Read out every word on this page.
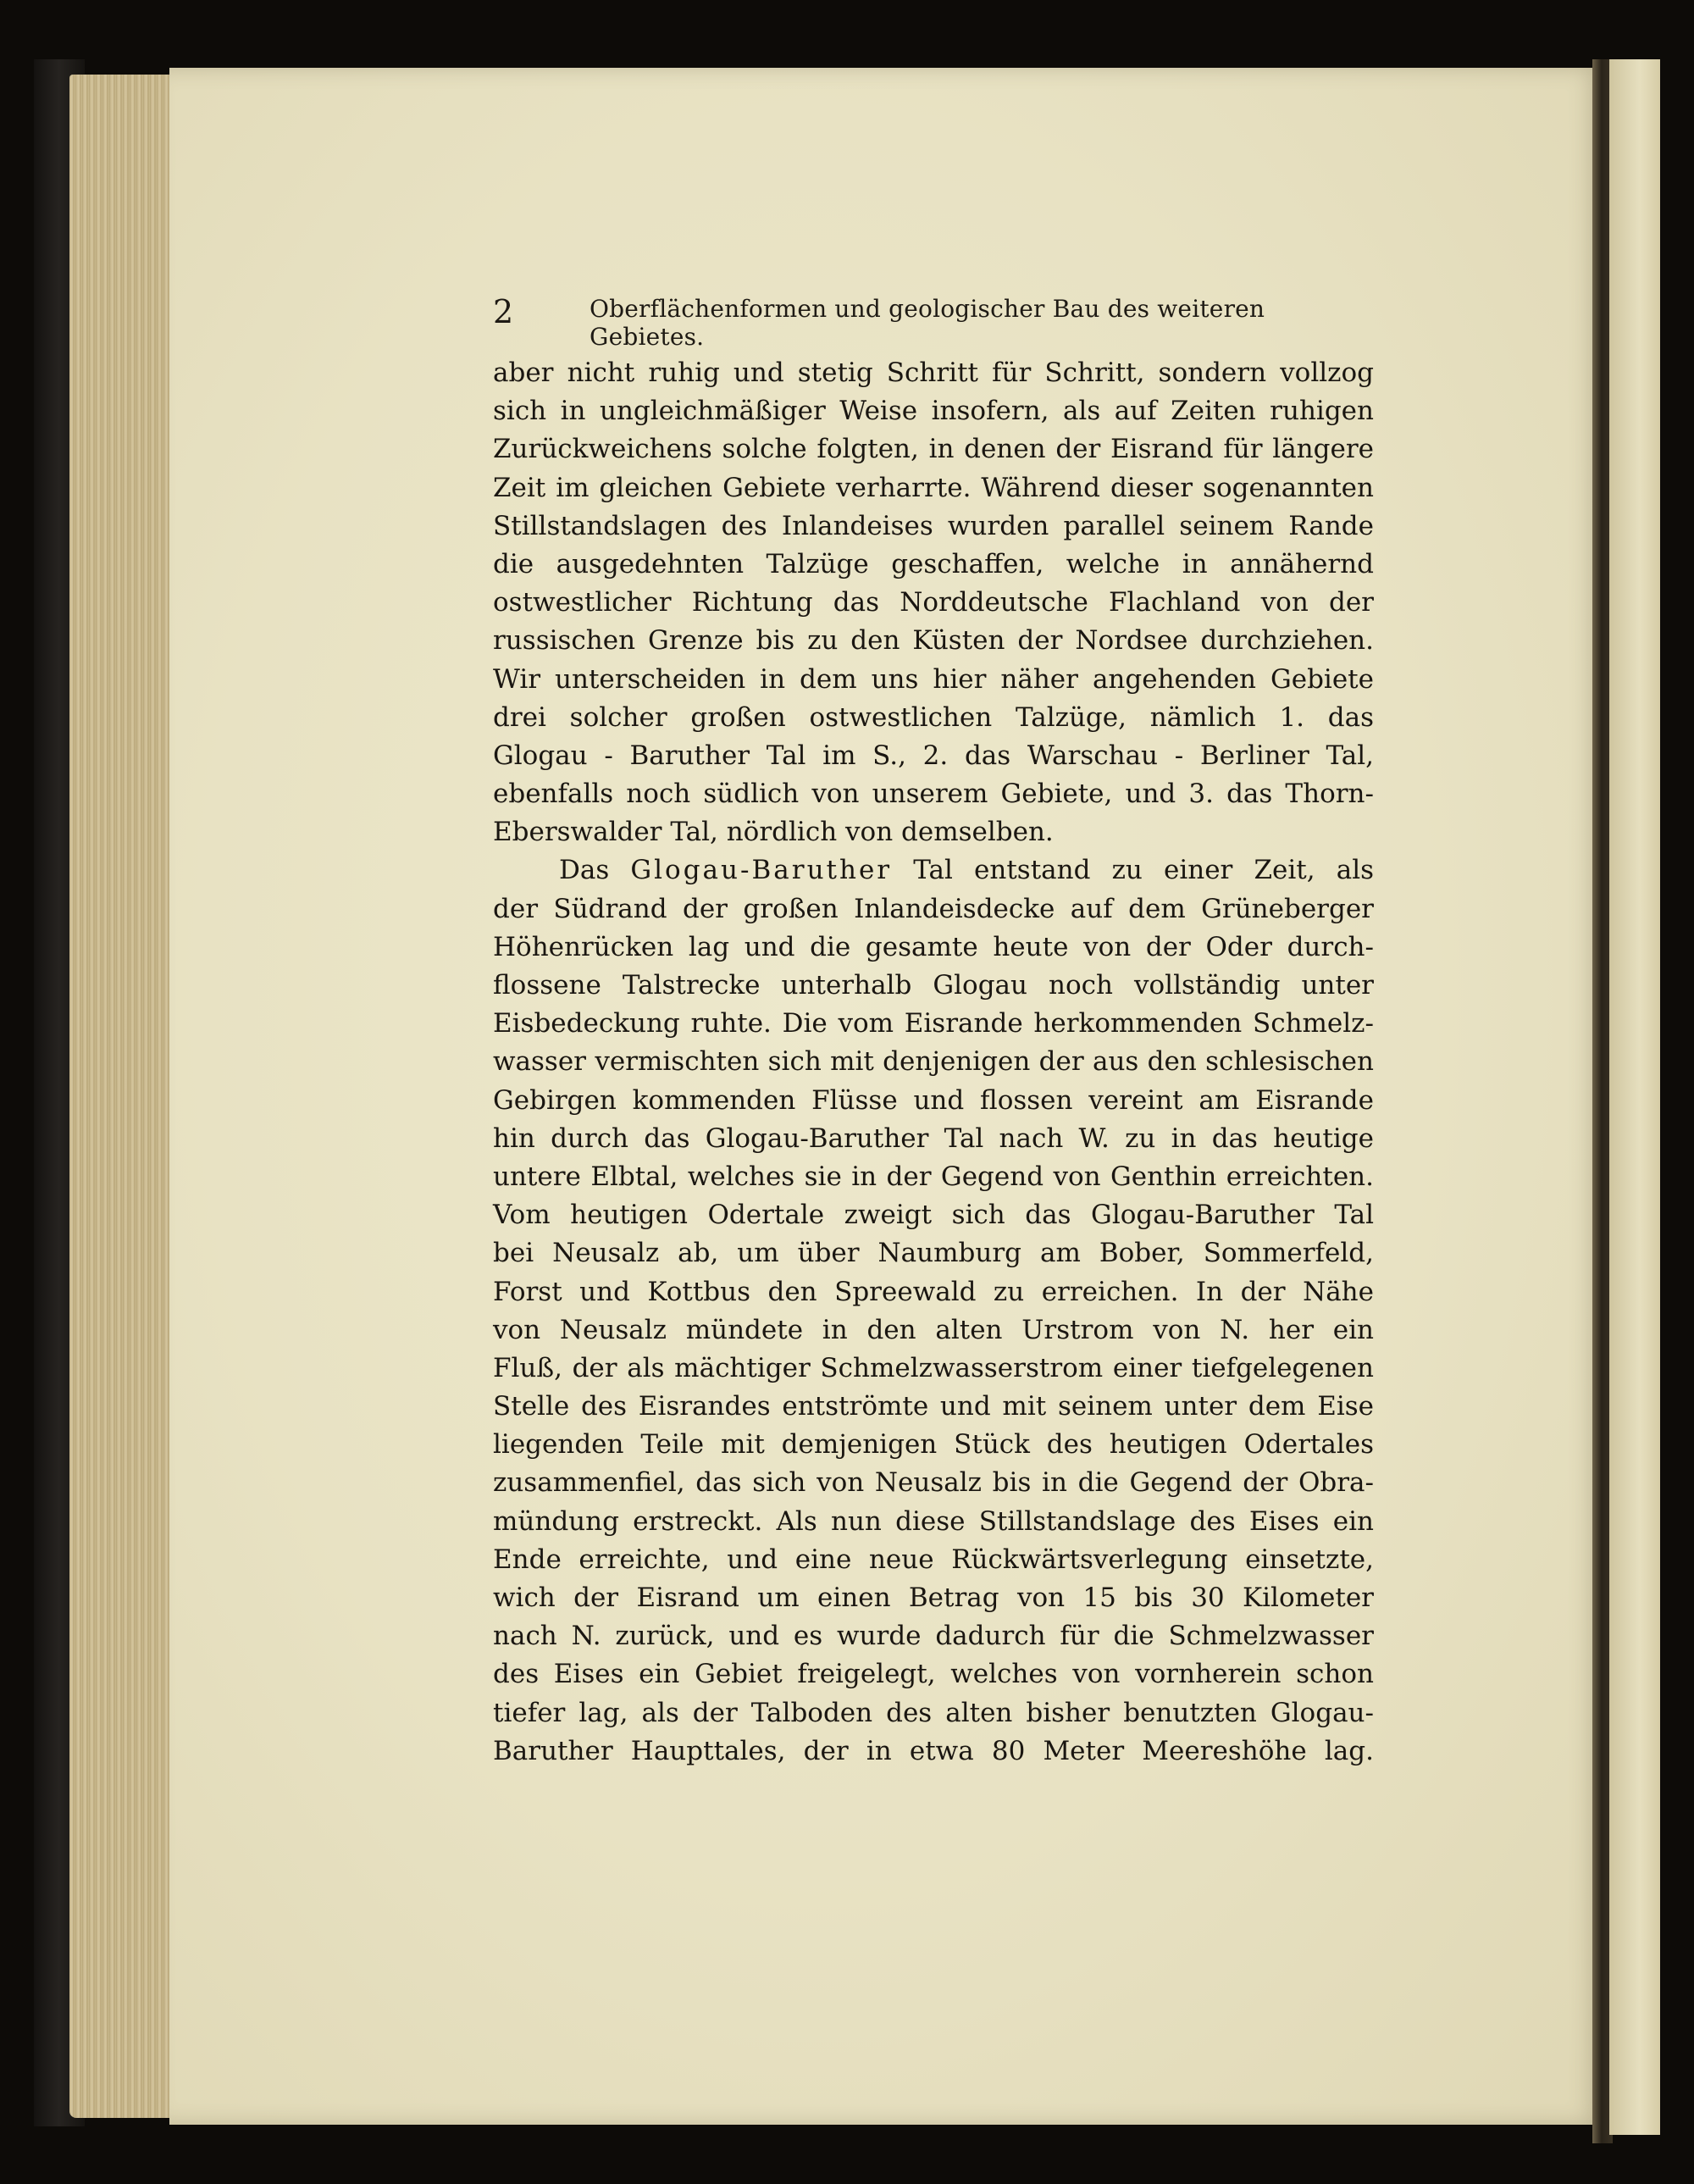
2	Oberflächenformen und geologischer Bau des weiteren Gebietes.
aber nicht ruhig und stetig Schritt für Schritt, sondern vollzog
sich in ungleichmäßiger Weise insofern, als auf Zeiten ruhigen
Zurückweichens solche folgten, in denen der Eisrand für längere
Zeit im gleichen Gebiete verharrte. Während dieser sogenannten
Stillstandslagen des Inlandeises wurden parallel seinem Rande
die ausgedehnten Talzüge geschaffen, welche in annähernd
ostwestlicher Richtung das Norddeutsche Flachland von der
russischen Grenze bis zu den Küsten der Nordsee durchziehen.
Wir unterscheiden in dem uns hier näher angehenden Gebiete
drei solcher großen ostwestlichen Talzüge, nämlich 1. das
Glogau - Baruther Tal im S., 2. das Warschau - Berliner Tal,
ebenfalls noch südlich von unserem Gebiete, und 3. das Thorn-
Eberswalder Tal, nördlich von demselben.
Das Glogau-Baruther Tal entstand zu einer Zeit, als
der Südrand der großen Inlandeisdecke auf dem Grüneberger
Höhenrücken lag und die gesamte heute von der Oder durch-
flossene Talstrecke unterhalb Glogau noch vollständig unter
Eisbedeckung ruhte. Die vom Eisrande herkommenden Schmelz-
wasser vermischten sich mit denjenigen der aus den schlesischen
Gebirgen kommenden Flüsse und flossen vereint am Eisrande
hin durch das Glogau-Baruther Tal nach W. zu in das heutige
untere Elbtal, welches sie in der Gegend von Genthin erreichten.
Vom heutigen Odertale zweigt sich das Glogau-Baruther Tal
bei Neusalz ab, um über Naumburg am Bober, Sommerfeld,
Forst und Kottbus den Spreewald zu erreichen. In der Nähe
von Neusalz mündete in den alten Urstrom von N. her ein
Fluß, der als mächtiger Schmelzwasserstrom einer tiefgelegenen
Stelle des Eisrandes entströmte und mit seinem unter dem Eise
liegenden Teile mit demjenigen Stück des heutigen Odertales
zusammenfiel, das sich von Neusalz bis in die Gegend der Obra-
mündung erstreckt. Als nun diese Stillstandslage des Eises ein
Ende erreichte, und eine neue Rückwärtsverlegung einsetzte,
wich der Eisrand um einen Betrag von 15 bis 30 Kilometer
nach N. zurück, und es wurde dadurch für die Schmelzwasser
des Eises ein Gebiet freigelegt, welches von vornherein schon
tiefer lag, als der Talboden des alten bisher benutzten Glogau-
Baruther Haupttales, der in etwa 80 Meter Meereshöhe lag.
